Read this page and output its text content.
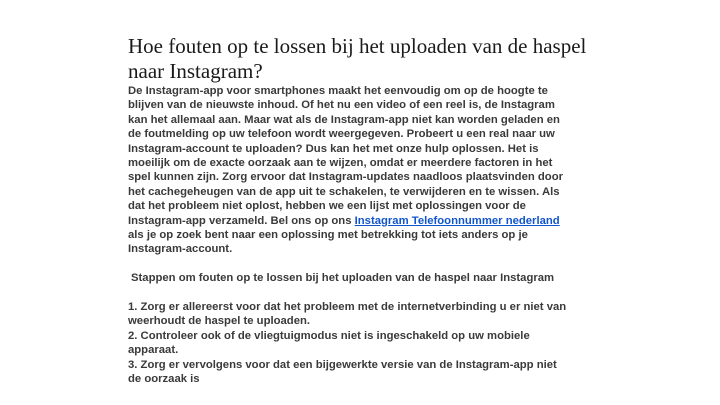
Hoe fouten op te lossen bij het uploaden van de haspel naar Instagram?

De Instagram-app voor smartphones maakt het eenvoudig om op de hoogte te blijven van de nieuwste inhoud. Of het nu een video of een reel is, de Instagram kan het allemaal aan. Maar wat als de Instagram-app niet kan worden geladen en de foutmelding op uw telefoon wordt weergegeven. Probeert u een real naar uw Instagram-account te uploaden? Dus kan het met onze hulp oplossen. Het is moeilijk om de exacte oorzaak aan te wijzen, omdat er meerdere factoren in het spel kunnen zijn. Zorg ervoor dat Instagram-updates naadloos plaatsvinden door het cachegeheugen van de app uit te schakelen, te verwijderen en te wissen. Als dat het probleem niet oplost, hebben we een lijst met oplossingen voor de Instagram-app verzameld. Bel ons op ons Instagram Telefoonnummer nederland als je op zoek bent naar een oplossing met betrekking tot iets anders op je Instagram-account.

Stappen om fouten op te lossen bij het uploaden van de haspel naar Instagram

1. Zorg er allereerst voor dat het probleem met de internetverbinding u er niet van weerhoudt de haspel te uploaden.

2. Controleer ook of de vliegtuigmodus niet is ingeschakeld op uw mobiele apparaat.

3. Zorg er vervolgens voor dat een bijgewerkte versie van de Instagram-app niet de oorzaak is
